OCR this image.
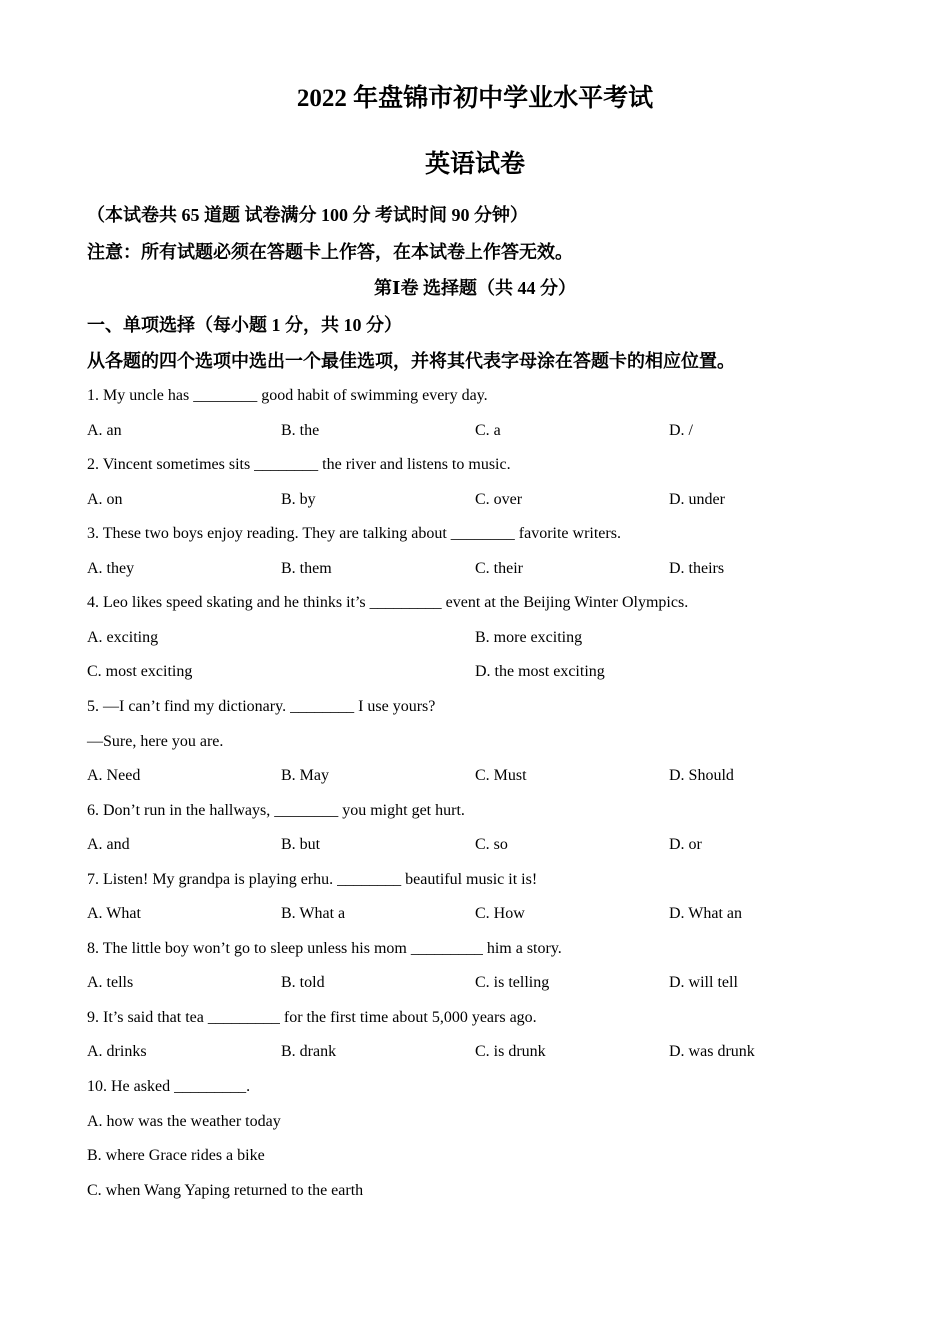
2022 年盘锦市初中学业水平考试
英语试卷

（本试卷共 65 道题 试卷满分 100 分 考试时间 90 分钟）

注意：所有试题必须在答题卡上作答，在本试卷上作答无效。

第Ⅰ卷 选择题（共 44 分）

一、单项选择（每小题 1 分，共 10 分）

从各题的四个选项中选出一个最佳选项，并将其代表字母涂在答题卡的相应位置。

1. My uncle has ________ good habit of swimming every day.

A. an	B. the	C. a	D. /

2. Vincent sometimes sits ________ the river and listens to music.

A. on	B. by	C. over	D. under

3. These two boys enjoy reading. They are talking about ________ favorite writers.

A. they	B. them	C. their	D. theirs

4. Leo likes speed skating and he thinks it’s _________ event at the Beijing Winter Olympics.

A. exciting	B. more exciting

C. most exciting	D. the most exciting

5. —I can’t find my dictionary. ________ I use yours?

—Sure, here you are.

A. Need	B. May	C. Must	D. Should

6. Don’t run in the hallways, ________ you might get hurt.

A. and	B. but	C. so	D. or

7. Listen! My grandpa is playing erhu. ________ beautiful music it is!

A. What	B. What a	C. How	D. What an

8. The little boy won’t go to sleep unless his mom _________ him a story.

A. tells	B. told	C. is telling	D. will tell

9. It’s said that tea _________ for the first time about 5,000 years ago.

A. drinks	B. drank	C. is drunk	D. was drunk

10. He asked _________.

A. how was the weather today

B. where Grace rides a bike

C. when Wang Yaping returned to the earth
